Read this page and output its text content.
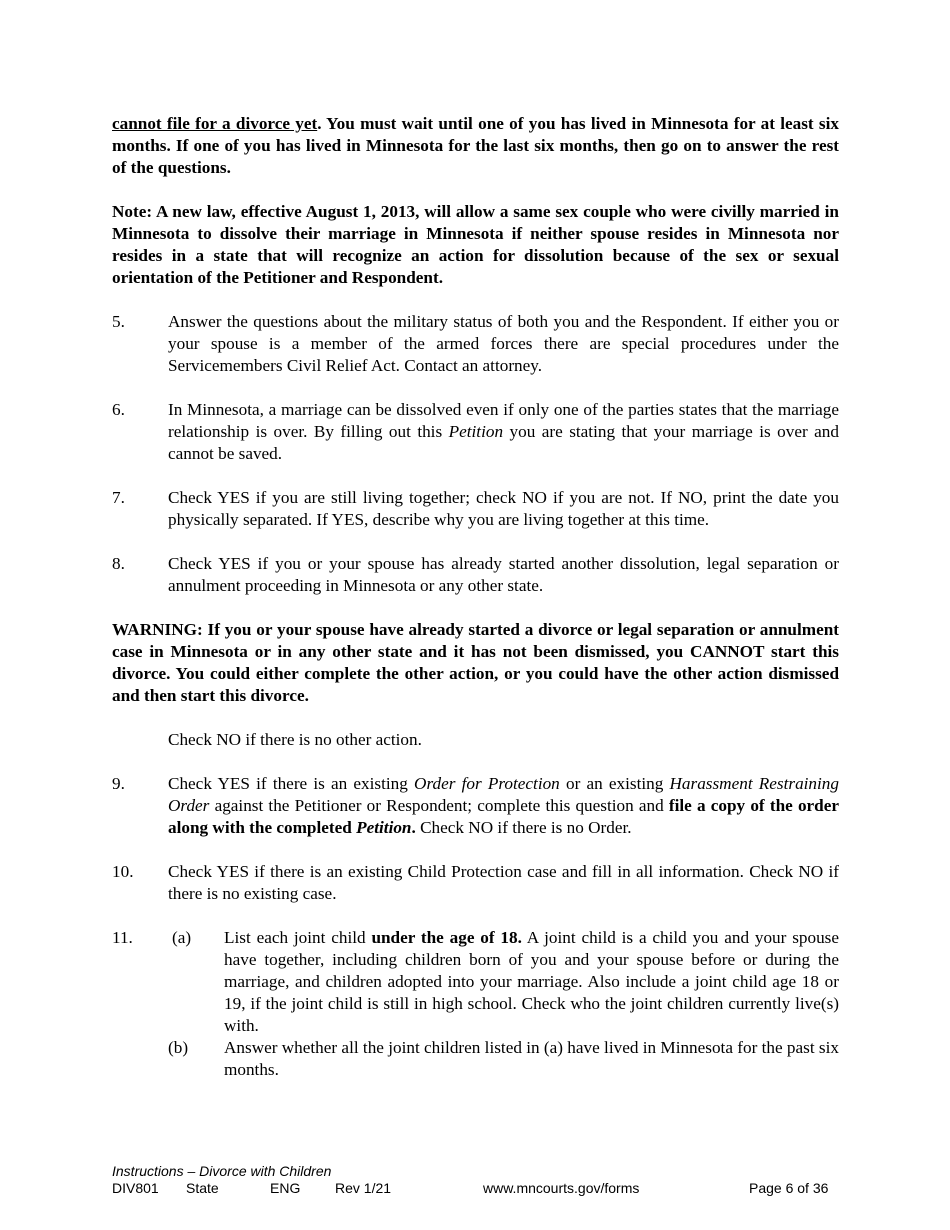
cannot file for a divorce yet. You must wait until one of you has lived in Minnesota for at least six months. If one of you has lived in Minnesota for the last six months, then go on to answer the rest of the questions.

Note: A new law, effective August 1, 2013, will allow a same sex couple who were civilly married in Minnesota to dissolve their marriage in Minnesota if neither spouse resides in Minnesota nor resides in a state that will recognize an action for dissolution because of the sex or sexual orientation of the Petitioner and Respondent.

5.	Answer the questions about the military status of both you and the Respondent. If either you or your spouse is a member of the armed forces there are special procedures under the Servicemembers Civil Relief Act. Contact an attorney.
6.	In Minnesota, a marriage can be dissolved even if only one of the parties states that the marriage relationship is over. By filling out this Petition you are stating that your marriage is over and cannot be saved.
7.	Check YES if you are still living together; check NO if you are not. If NO, print the date you physically separated. If YES, describe why you are living together at this time.
8.	Check YES if you or your spouse has already started another dissolution, legal separation or annulment proceeding in Minnesota or any other state.

WARNING: If you or your spouse have already started a divorce or legal separation or annulment case in Minnesota or in any other state and it has not been dismissed, you CANNOT start this divorce. You could either complete the other action, or you could have the other action dismissed and then start this divorce.

Check NO if there is no other action.

9.	Check YES if there is an existing Order for Protection or an existing Harassment Restraining Order against the Petitioner or Respondent; complete this question and file a copy of the order along with the completed Petition. Check NO if there is no Order.
10. Check YES if there is an existing Child Protection case and fill in all information. Check NO if there is no existing case.
11. (a) List each joint child under the age of 18. A joint child is a child you and your spouse have together, including children born of you and your spouse before or during the marriage, and children adopted into your marriage. Also include a joint child age 18 or 19, if the joint child is still in high school. Check who the joint children currently live(s) with.
(b) Answer whether all the joint children listed in (a) have lived in Minnesota for the past six months.
Instructions – Divorce with Children
DIV801 State	ENG Rev 1/21	www.mncourts.gov/forms	Page 6 of 36
